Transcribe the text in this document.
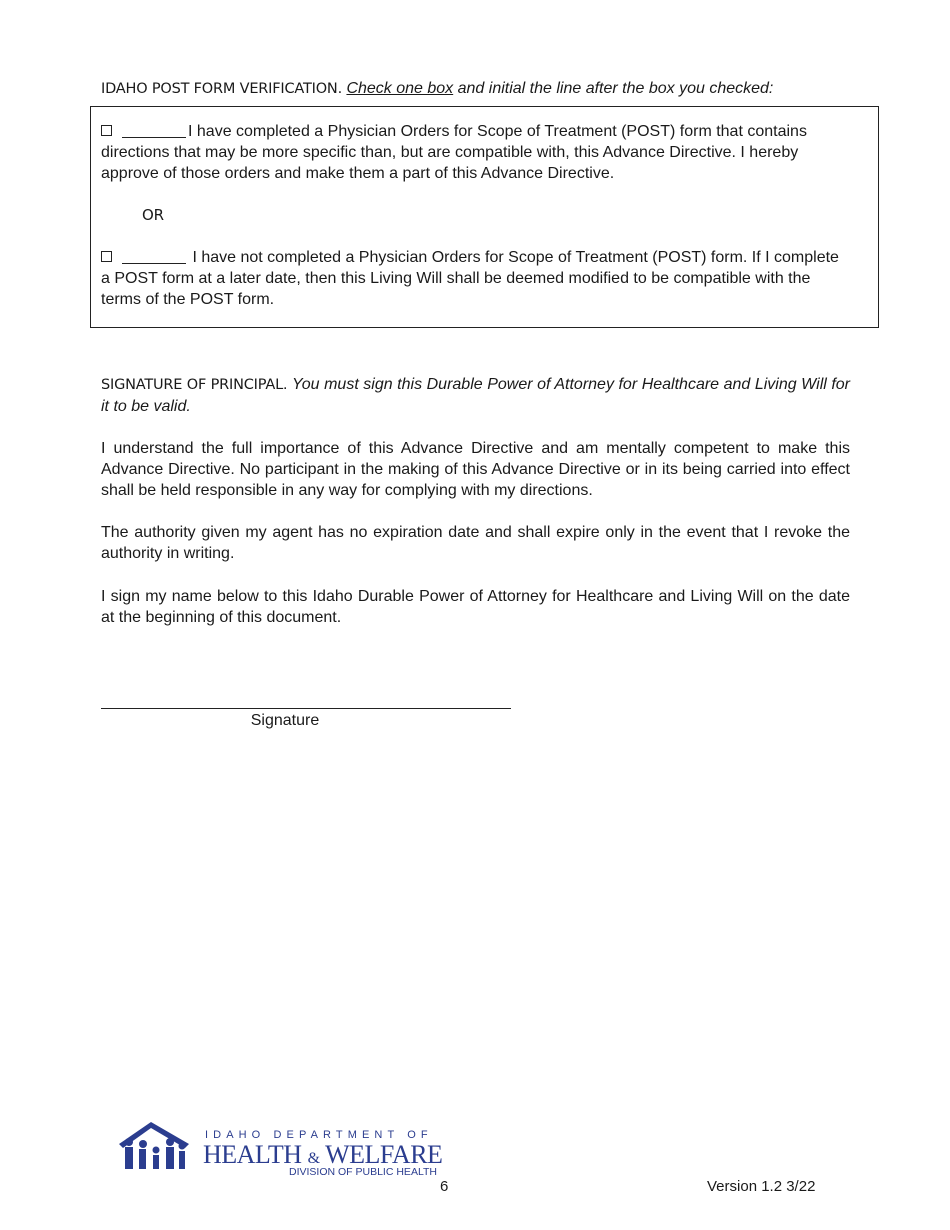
IDAHO POST FORM VERIFICATION. Check one box and initial the line after the box you checked:
I have completed a Physician Orders for Scope of Treatment (POST) form that contains directions that may be more specific than, but are compatible with, this Advance Directive. I hereby approve of those orders and make them a part of this Advance Directive.
OR
I have not completed a Physician Orders for Scope of Treatment (POST) form. If I complete a POST form at a later date, then this Living Will shall be deemed modified to be compatible with the terms of the POST form.
SIGNATURE OF PRINCIPAL. You must sign this Durable Power of Attorney for Healthcare and Living Will for it to be valid.
I understand the full importance of this Advance Directive and am mentally competent to make this Advance Directive. No participant in the making of this Advance Directive or in its being carried into effect shall be held responsible in any way for complying with my directions.
The authority given my agent has no expiration date and shall expire only in the event that I revoke the authority in writing.
I sign my name below to this Idaho Durable Power of Attorney for Healthcare and Living Will on the date at the beginning of this document.
Signature
IDAHO DEPARTMENT OF
HEALTH & WELFARE
DIVISION OF PUBLIC HEALTH
6	Version 1.2 3/22
